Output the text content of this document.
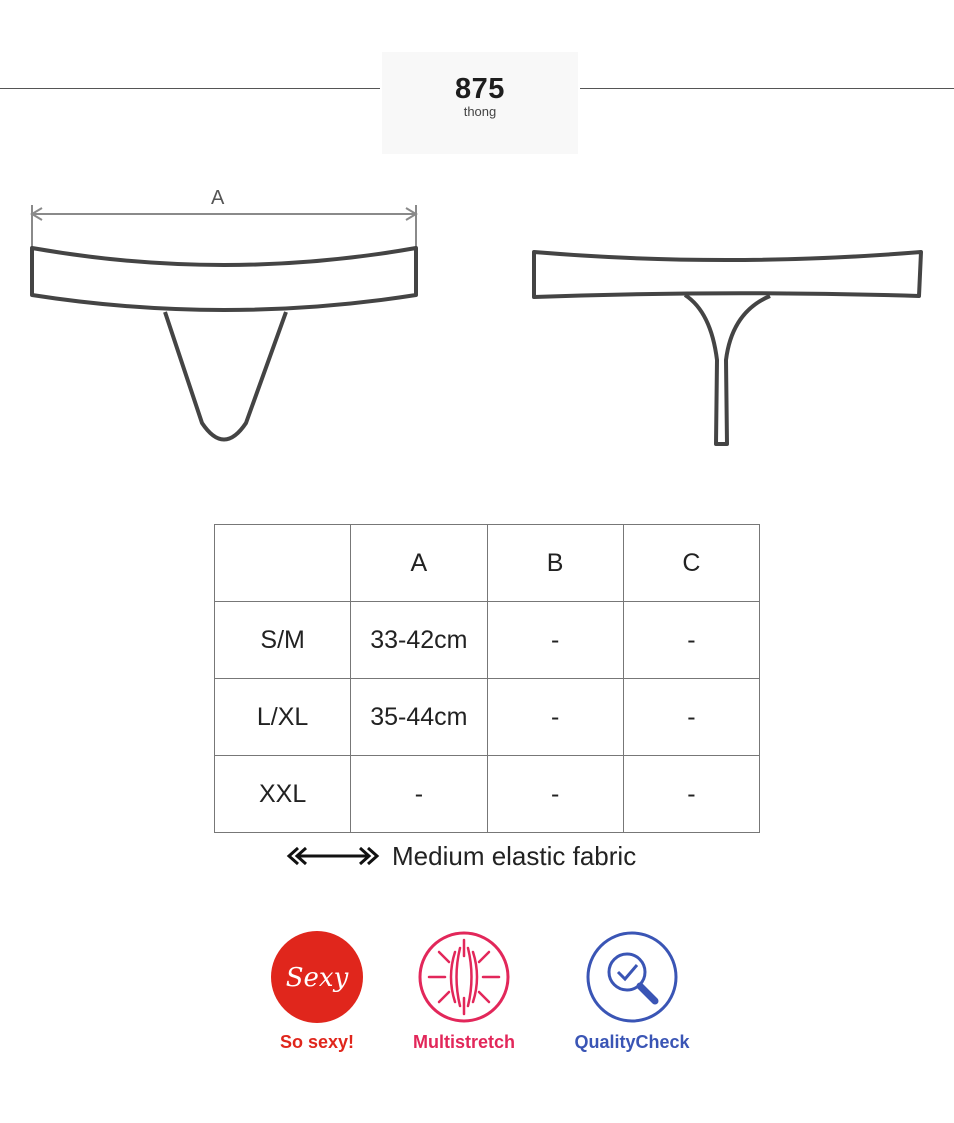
875
thong
A
	A	B	C
S/M	33-42cm	-	-
L/XL	35-44cm	-	-
XXL	-	-	-
Medium elastic fabric
Sexy
So sexy!	Multistretch	QualityCheck
